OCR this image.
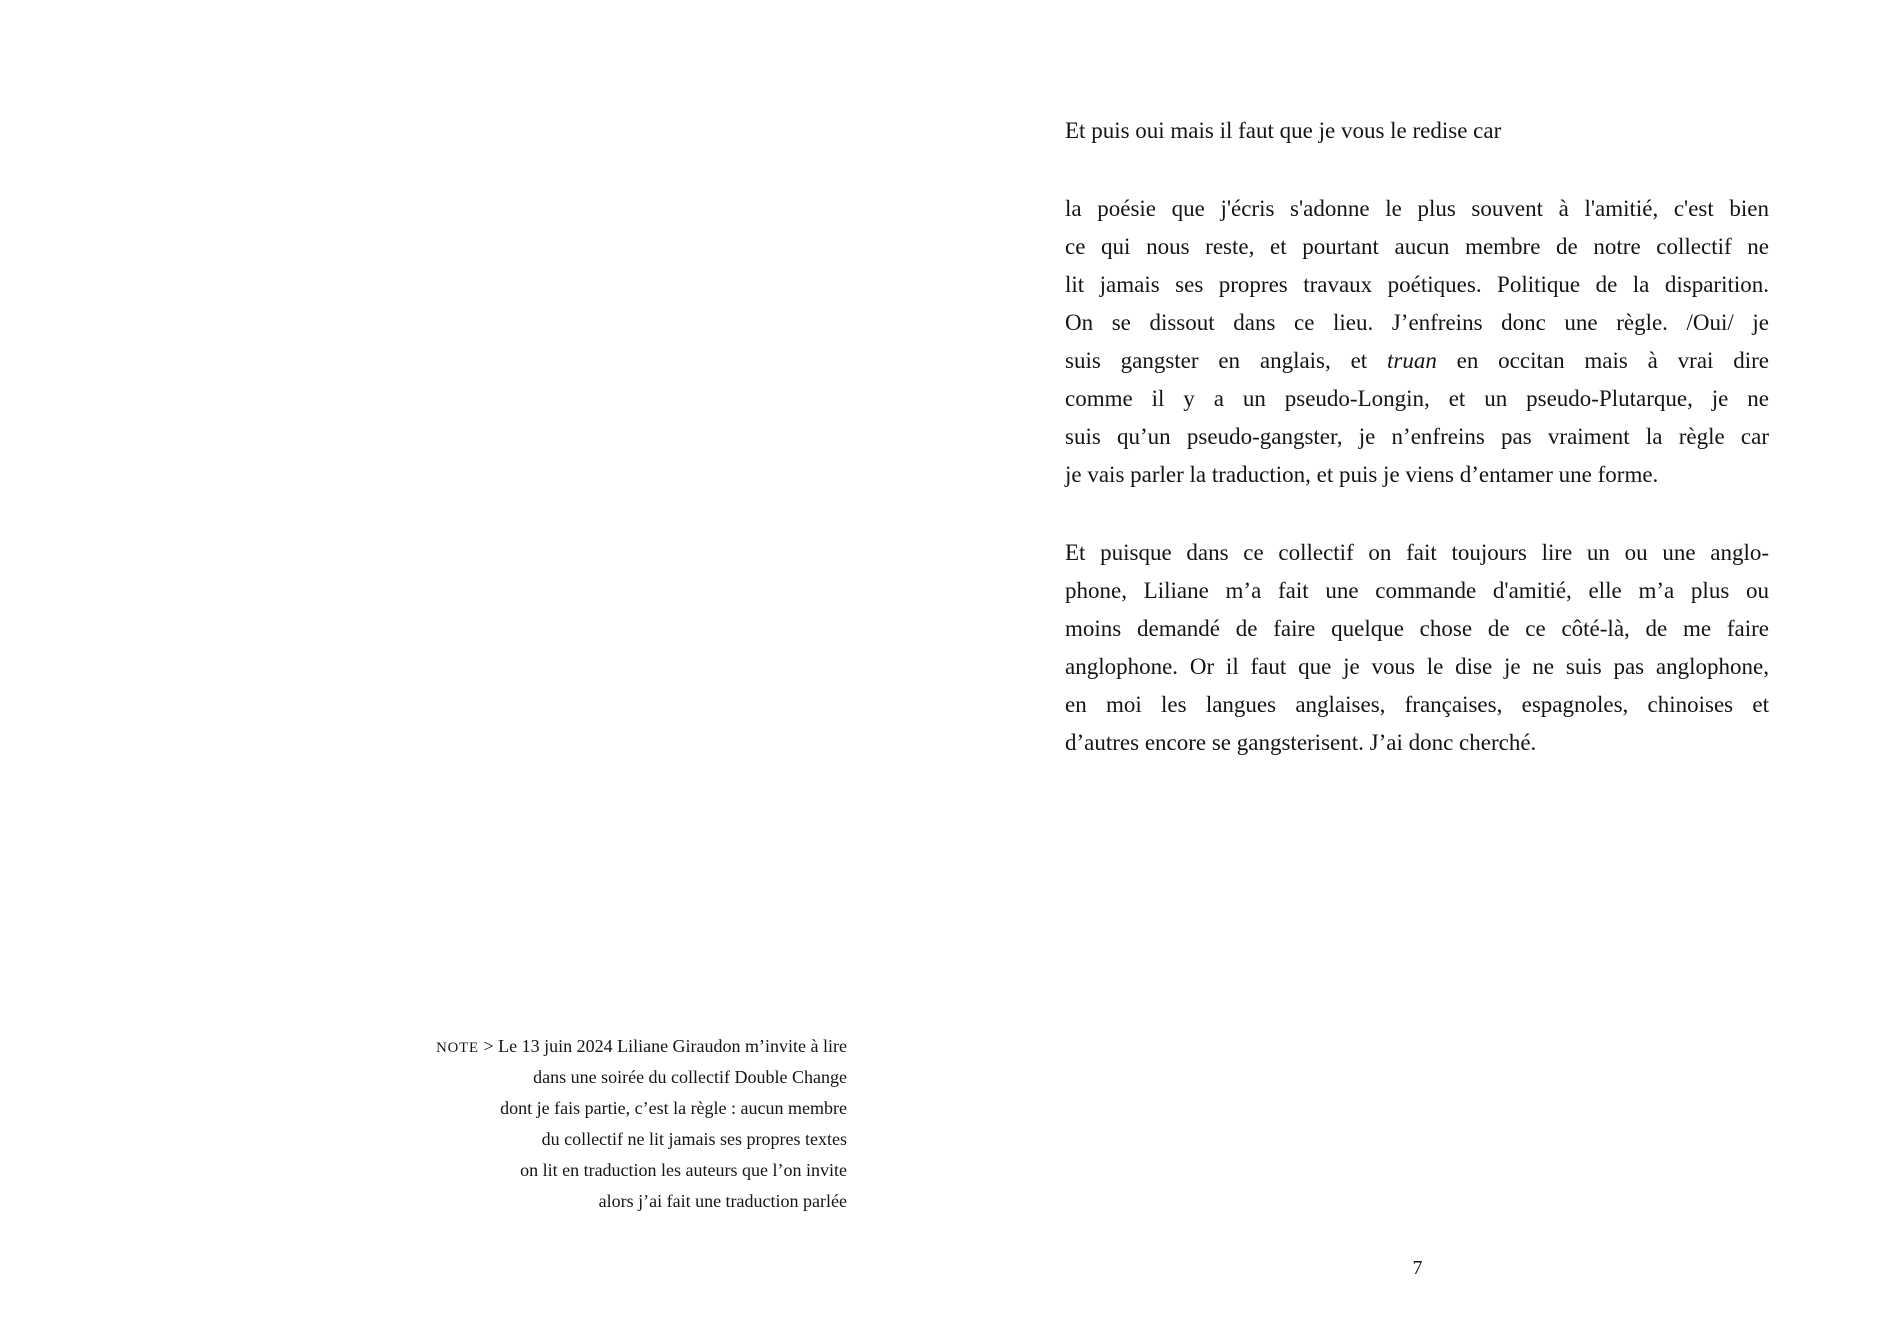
NOTE > Le 13 juin 2024 Liliane Giraudon m’invite à lire
dans une soirée du collectif Double Change
dont je fais partie, c’est la règle : aucun membre
du collectif ne lit jamais ses propres textes
on lit en traduction les auteurs que l’on invite
alors j’ai fait une traduction parlée
Et puis oui mais il faut que je vous le redise car
la poésie que j'écris s'adonne le plus souvent à l'amitié, c'est bien
ce qui nous reste, et pourtant aucun membre de notre collectif ne
lit jamais ses propres travaux poétiques. Politique de la disparition.
On se dissout dans ce lieu. J’enfreins donc une règle. /Oui/ je
suis gangster en anglais, et truan en occitan mais à vrai dire
comme il y a un pseudo-Longin, et un pseudo-Plutarque, je ne
suis qu’un pseudo-gangster, je n’enfreins pas vraiment la règle car
je vais parler la traduction, et puis je viens d’entamer une forme.
Et puisque dans ce collectif on fait toujours lire un ou une anglo-
phone, Liliane m’a fait une commande d'amitié, elle m’a plus ou
moins demandé de faire quelque chose de ce côté-là, de me faire
anglophone. Or il faut que je vous le dise je ne suis pas anglophone,
en moi les langues anglaises, françaises, espagnoles, chinoises et
d’autres encore se gangsterisent. J’ai donc cherché.
7
